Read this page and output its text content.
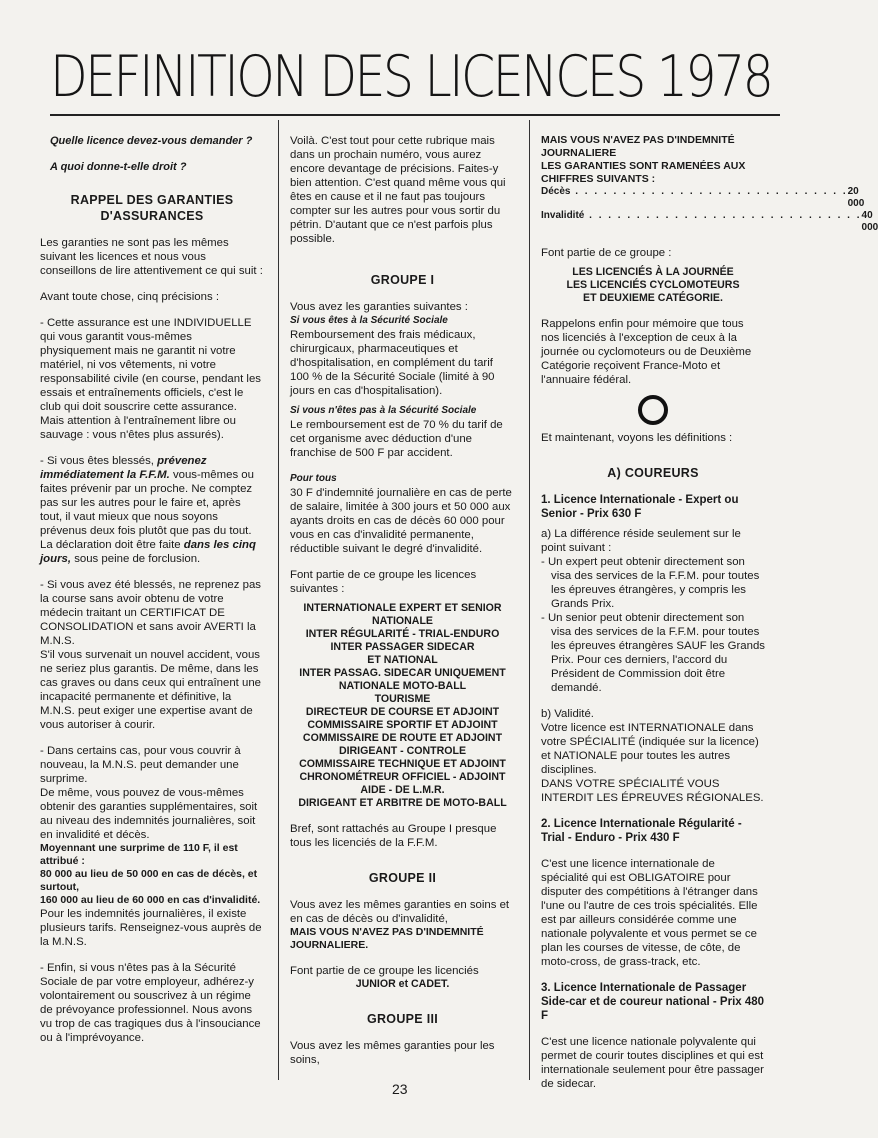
DEFINITION DES LICENCES 1978

Quelle licence devez-vous demander ?

A quoi donne-t-elle droit ?

RAPPEL DES GARANTIES D'ASSURANCES

Les garanties ne sont pas les mêmes suivant les licences et nous vous conseillons de lire attentivement ce qui suit :

Avant toute chose, cinq précisions :

- Cette assurance est une INDIVIDUELLE qui vous garantit vous-mêmes physiquement mais ne garantit ni votre matériel, ni vos vêtements, ni votre responsabilité civile (en course, pendant les essais et entraînements officiels, c'est le club qui doit souscrire cette assurance. Mais attention à l'entraînement libre ou sauvage : vous n'êtes plus assurés).

- Si vous êtes blessés, prévenez immédiatement la F.F.M. vous-mêmes ou faites prévenir par un proche. Ne comptez pas sur les autres pour le faire et, après tout, il vaut mieux que nous soyons prévenus deux fois plutôt que pas du tout.

La déclaration doit être faite dans les cinq jours, sous peine de forclusion.

- Si vous avez été blessés, ne reprenez pas la course sans avoir obtenu de votre médecin traitant un CERTIFICAT DE CONSOLIDATION et sans avoir AVERTI la M.N.S.

S'il vous survenait un nouvel accident, vous ne seriez plus garantis. De même, dans les cas graves ou dans ceux qui entraînent une incapacité permanente et définitive, la M.N.S. peut exiger une expertise avant de vous autoriser à courir.

- Dans certains cas, pour vous couvrir à nouveau, la M.N.S. peut demander une surprime.

De même, vous pouvez de vous-mêmes obtenir des garanties supplémentaires, soit au niveau des indemnités journalières, soit en invalidité et décès.

Moyennant une surprime de 110 F, il est attribué :

80 000 au lieu de 50 000 en cas de décès, et surtout,

160 000 au lieu de 60 000 en cas d'invalidité.

Pour les indemnités journalières, il existe plusieurs tarifs. Renseignez-vous auprès de la M.N.S.

- Enfin, si vous n'êtes pas à la Sécurité Sociale de par votre employeur, adhérez-y volontairement ou souscrivez à un régime de prévoyance professionnel. Nous avons vu trop de cas tragiques dus à l'insouciance ou à l'imprévoyance.

Voilà. C'est tout pour cette rubrique mais dans un prochain numéro, vous aurez encore devantage de précisions. Faites-y bien attention. C'est quand même vous qui êtes en cause et il ne faut pas toujours compter sur les autres pour vous sortir du pétrin. D'autant que ce n'est parfois plus possible.

GROUPE I

Vous avez les garanties suivantes :

Si vous êtes à la Sécurité Sociale

Remboursement des frais médicaux, chirurgicaux, pharmaceutiques et d'hospitalisation, en complément du tarif 100 % de la Sécurité Sociale (limité à 90 jours en cas d'hospitalisation).

Si vous n'êtes pas à la Sécurité Sociale

Le remboursement est de 70 % du tarif de cet organisme avec déduction d'une franchise de 500 F par accident.

Pour tous

30 F d'indemnité journalière en cas de perte de salaire, limitée à 300 jours et 50 000 aux ayants droits en cas de décès 60 000 pour vous en cas d'invalidité permanente, réductible suivant le degré d'invalidité.

Font partie de ce groupe les licences suivantes :

INTERNATIONALE EXPERT ET SENIOR

NATIONALE

INTER RÉGULARITÉ - TRIAL-ENDURO

INTER PASSAGER SIDECAR

ET NATIONAL

INTER PASSAG. SIDECAR UNIQUEMENT

NATIONALE MOTO-BALL

TOURISME

DIRECTEUR DE COURSE ET ADJOINT

COMMISSAIRE SPORTIF ET ADJOINT

COMMISSAIRE DE ROUTE ET ADJOINT

DIRIGEANT - CONTROLE

COMMISSAIRE TECHNIQUE ET ADJOINT

CHRONOMÉTREUR OFFICIEL - ADJOINT

AIDE - DE L.M.R.

DIRIGEANT ET ARBITRE DE MOTO-BALL

Bref, sont rattachés au Groupe I presque tous les licenciés de la F.F.M.

GROUPE II

Vous avez les mêmes garanties en soins et en cas de décès ou d'invalidité,

MAIS VOUS N'AVEZ PAS D'INDEMNITÉ JOURNALIERE.

Font partie de ce groupe les licenciés

JUNIOR et CADET.

GROUPE III

Vous avez les mêmes garanties pour les soins,

MAIS VOUS N'AVEZ PAS D'INDEMNITÉ JOURNALIERE

LES GARANTIES SONT RAMENÉES AUX CHIFFRES SUIVANTS :

Décès . . . . . . . . . . . . . . . . . . . . . . . . . . . . . 20 000
Invalidité . . . . . . . . . . . . . . . . . . . . . . . . . . . . . 40 000

Font partie de ce groupe :

LES LICENCIÉS À LA JOURNÉE

LES LICENCIÉS CYCLOMOTEURS

ET DEUXIEME CATÉGORIE.

Rappelons enfin pour mémoire que tous nos licenciés à l'exception de ceux à la journée ou cyclomoteurs ou de Deuxième Catégorie reçoivent France-Moto et l'annuaire fédéral.

Et maintenant, voyons les définitions :

A) COUREURS

1. Licence Internationale - Expert ou Senior - Prix 630 F

a) La différence réside seulement sur le point suivant :

- Un expert peut obtenir directement son visa des services de la F.F.M. pour toutes les épreuves étrangères, y compris les Grands Prix.

- Un senior peut obtenir directement son visa des services de la F.F.M. pour toutes les épreuves étrangères SAUF les Grands Prix. Pour ces derniers, l'accord du Président de Commission doit être demandé.

b) Validité.

Votre licence est INTERNATIONALE dans votre SPÉCIALITÉ (indiquée sur la licence) et NATIONALE pour toutes les autres disciplines.

DANS VOTRE SPÉCIALITÉ VOUS INTERDIT LES ÉPREUVES RÉGIONALES.

2. Licence Internationale Régularité - Trial - Enduro - Prix 430 F

C'est une licence internationale de spécialité qui est OBLIGATOIRE pour disputer des compétitions à l'étranger dans l'une ou l'autre de ces trois spécialités. Elle est par ailleurs considérée comme une nationale polyvalente et vous permet se ce plan les courses de vitesse, de côte, de moto-cross, de grass-track, etc.

3. Licence Internationale de Passager Side-car et de coureur national - Prix 480 F

C'est une licence nationale polyvalente qui permet de courir toutes disciplines et qui est internationale seulement pour être passager de sidecar.

23
